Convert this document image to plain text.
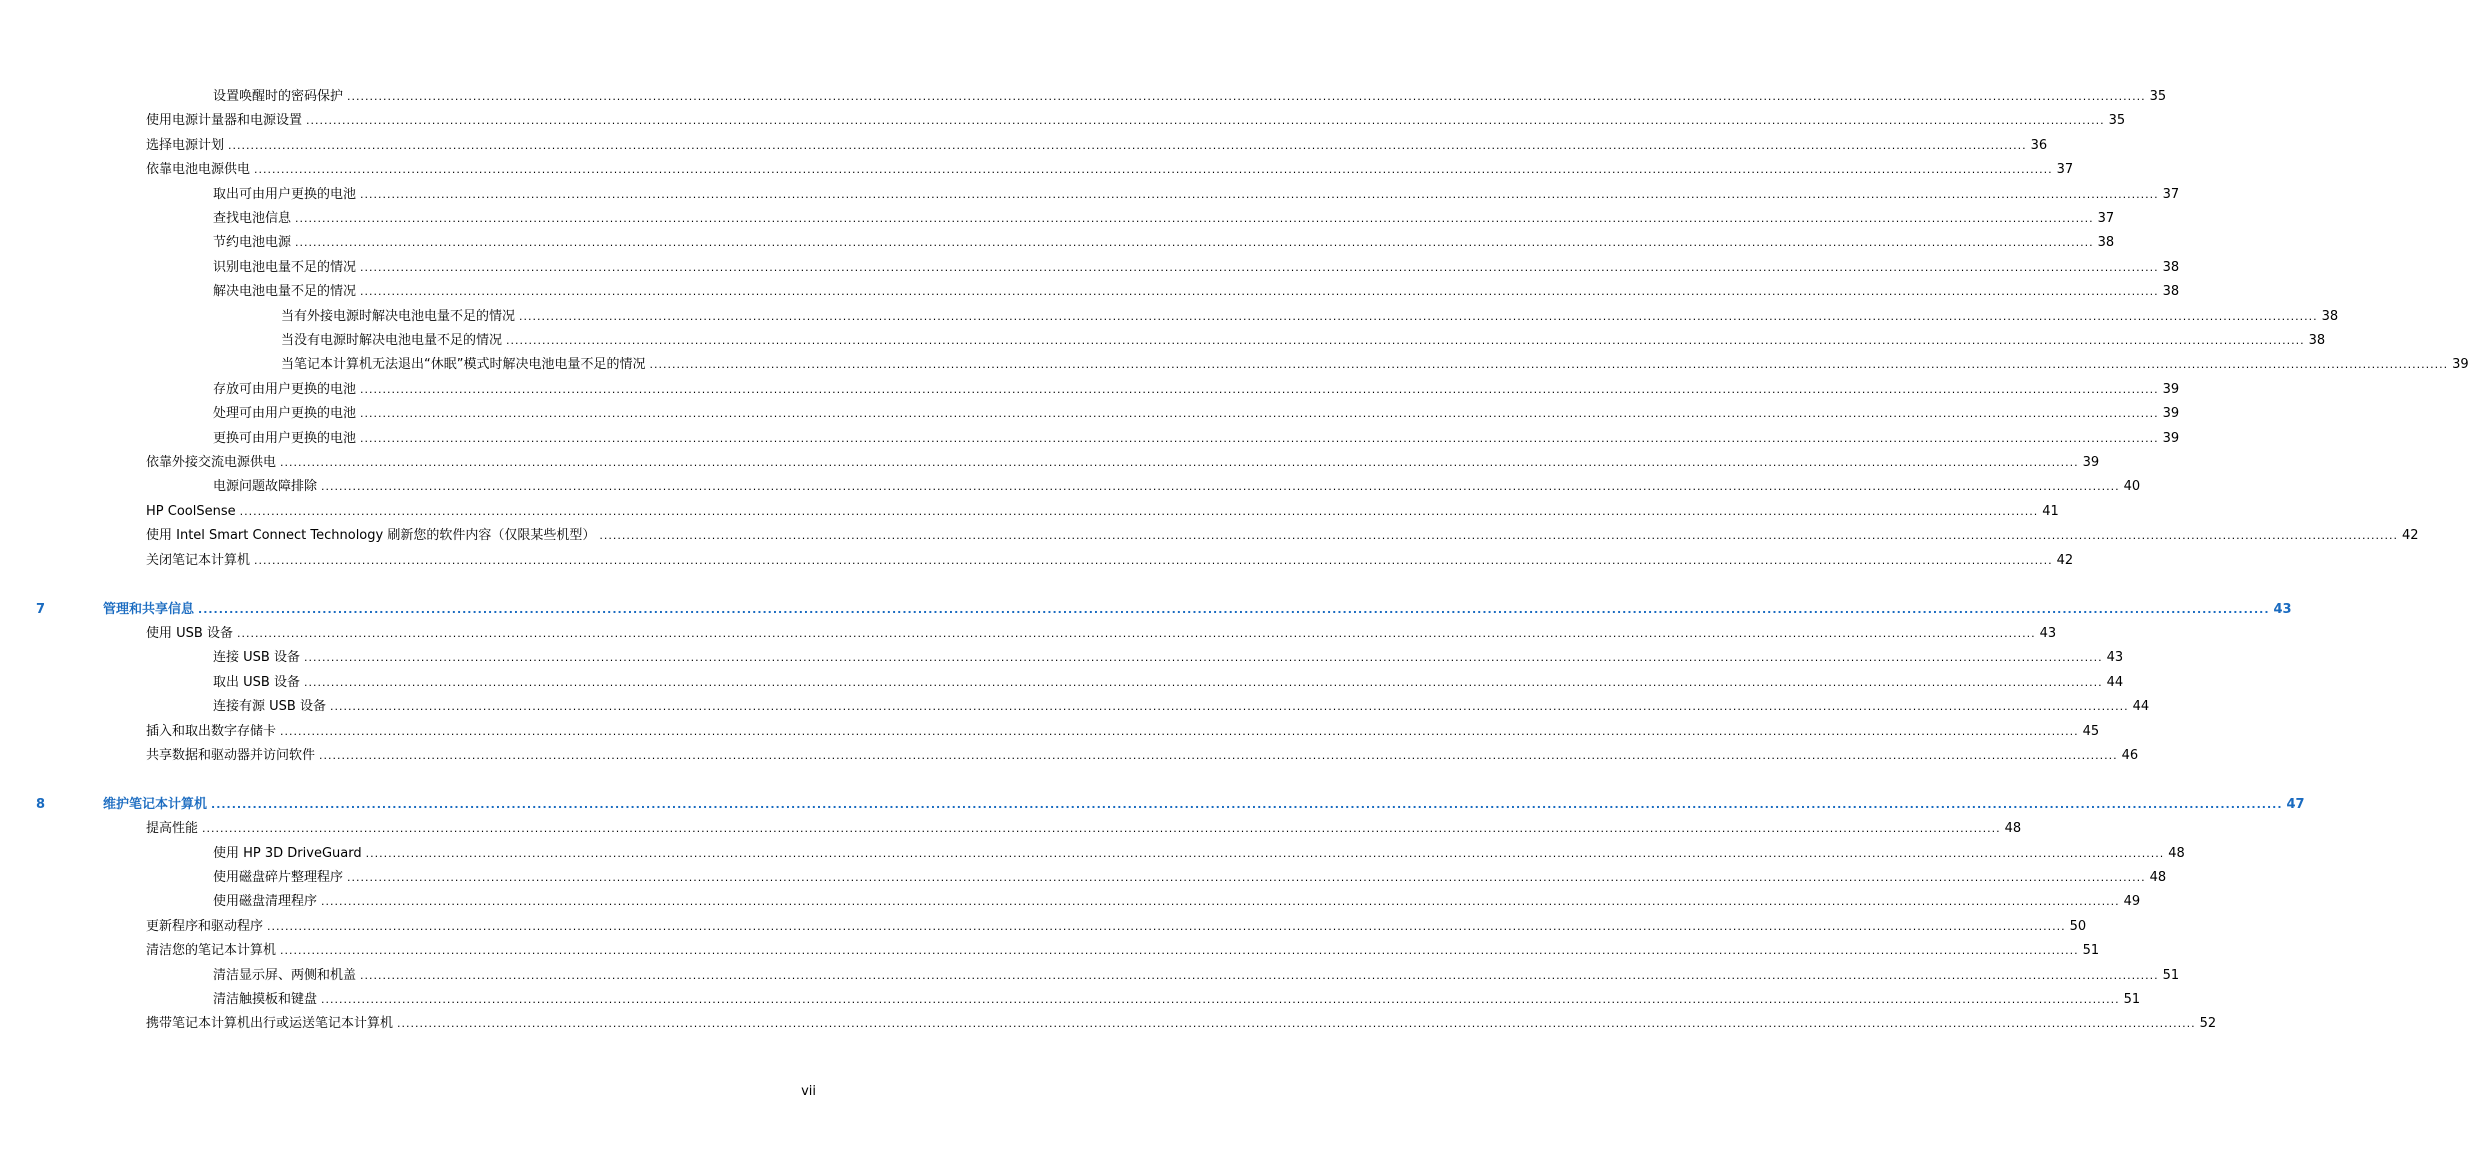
设置唤醒时的密码保护 ................................................................................................................................................................................................................................................................................................................................................................................................................ 35
使用电源计量器和电源设置 ................................................................................................................................................................................................................................................................................................................................................................................................................ 35
选择电源计划 ................................................................................................................................................................................................................................................................................................................................................................................................................ 36
依靠电池电源供电 ................................................................................................................................................................................................................................................................................................................................................................................................................ 37
取出可由用户更换的电池 ................................................................................................................................................................................................................................................................................................................................................................................................................ 37
查找电池信息 ................................................................................................................................................................................................................................................................................................................................................................................................................ 37
节约电池电源 ................................................................................................................................................................................................................................................................................................................................................................................................................ 38
识别电池电量不足的情况 ................................................................................................................................................................................................................................................................................................................................................................................................................ 38
解决电池电量不足的情况 ................................................................................................................................................................................................................................................................................................................................................................................................................ 38
当有外接电源时解决电池电量不足的情况 ................................................................................................................................................................................................................................................................................................................................................................................................................ 38
当没有电源时解决电池电量不足的情况 ................................................................................................................................................................................................................................................................................................................................................................................................................ 38
当笔记本计算机无法退出“休眠”模式时解决电池电量不足的情况 ................................................................................................................................................................................................................................................................................................................................................................................................................ 39
存放可由用户更换的电池 ................................................................................................................................................................................................................................................................................................................................................................................................................ 39
处理可由用户更换的电池 ................................................................................................................................................................................................................................................................................................................................................................................................................ 39
更换可由用户更换的电池 ................................................................................................................................................................................................................................................................................................................................................................................................................ 39
依靠外接交流电源供电 ................................................................................................................................................................................................................................................................................................................................................................................................................ 39
电源问题故障排除 ................................................................................................................................................................................................................................................................................................................................................................................................................ 40
HP CoolSense ................................................................................................................................................................................................................................................................................................................................................................................................................ 41
使用 Intel Smart Connect Technology 刷新您的软件内容（仅限某些机型） ................................................................................................................................................................................................................................................................................................................................................................................................................ 42
关闭笔记本计算机 ................................................................................................................................................................................................................................................................................................................................................................................................................ 42
7	管理和共享信息 ................................................................................................................................................................................................................................................................................................................................................................................................................ 43
使用 USB 设备 ................................................................................................................................................................................................................................................................................................................................................................................................................ 43
连接 USB 设备 ................................................................................................................................................................................................................................................................................................................................................................................................................ 43
取出 USB 设备 ................................................................................................................................................................................................................................................................................................................................................................................................................ 44
连接有源 USB 设备 ................................................................................................................................................................................................................................................................................................................................................................................................................ 44
插入和取出数字存储卡 ................................................................................................................................................................................................................................................................................................................................................................................................................ 45
共享数据和驱动器并访问软件 ................................................................................................................................................................................................................................................................................................................................................................................................................ 46
8	维护笔记本计算机 ................................................................................................................................................................................................................................................................................................................................................................................................................ 47
提高性能 ................................................................................................................................................................................................................................................................................................................................................................................................................ 48
使用 HP 3D DriveGuard ................................................................................................................................................................................................................................................................................................................................................................................................................ 48
使用磁盘碎片整理程序 ................................................................................................................................................................................................................................................................................................................................................................................................................ 48
使用磁盘清理程序 ................................................................................................................................................................................................................................................................................................................................................................................................................ 49
更新程序和驱动程序 ................................................................................................................................................................................................................................................................................................................................................................................................................ 50
清洁您的笔记本计算机 ................................................................................................................................................................................................................................................................................................................................................................................................................ 51
清洁显示屏、两侧和机盖 ................................................................................................................................................................................................................................................................................................................................................................................................................ 51
清洁触摸板和键盘 ................................................................................................................................................................................................................................................................................................................................................................................................................ 51
携带笔记本计算机出行或运送笔记本计算机 ................................................................................................................................................................................................................................................................................................................................................................................................................ 52
vii
